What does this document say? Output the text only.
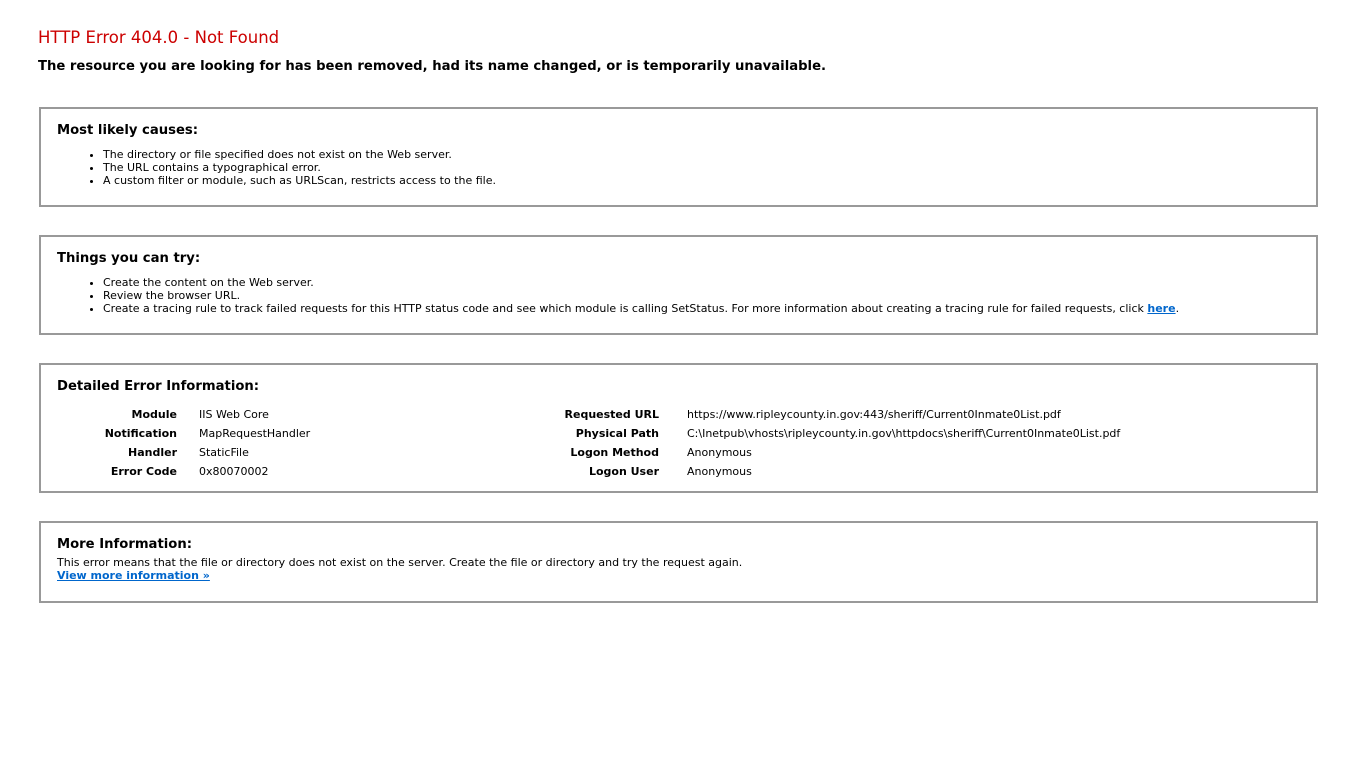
HTTP Error 404.0 - Not Found
The resource you are looking for has been removed, had its name changed, or is temporarily unavailable.
Most likely causes:
• The directory or file specified does not exist on the Web server.
• The URL contains a typographical error.
• A custom filter or module, such as URLScan, restricts access to the file.
Things you can try:
• Create the content on the Web server.
• Review the browser URL.
• Create a tracing rule to track failed requests for this HTTP status code and see which module is calling SetStatus. For more information about creating a tracing rule for failed requests, click here.
Detailed Error Information:
Module IIS Web Core	Requested URL	https://www.ripleycounty.in.gov:443/sheriff/Current0Inmate0List.pdf
Notification MapRequestHandler	Physical Path	C:\Inetpub\vhosts\ripleycounty.in.gov\httpdocs\sheriff\Current0Inmate0List.pdf
Handler StaticFile	Logon Method	Anonymous
Error Code 0x80070002	Logon User	Anonymous
More Information:

This error means that the file or directory does not exist on the server. Create the file or directory and try the request again.

View more information »
